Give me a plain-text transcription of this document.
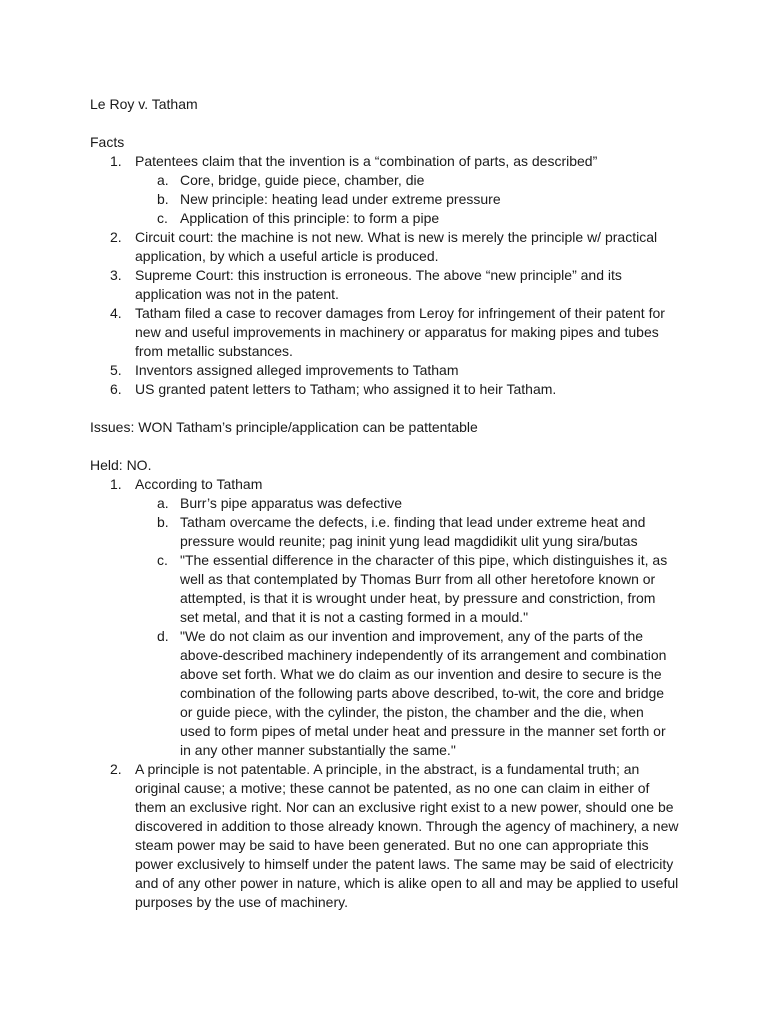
Le Roy v. Tatham

Facts

1. Patentees claim that the invention is a “combination of parts, as described”
a. Core, bridge, guide piece, chamber, die
b. New principle: heating lead under extreme pressure
c. Application of this principle: to form a pipe
2. Circuit court: the machine is not new. What is new is merely the principle w/ practical
application, by which a useful article is produced.
3. Supreme Court: this instruction is erroneous. The above “new principle” and its
application was not in the patent.
4. Tatham filed a case to recover damages from Leroy for infringement of their patent for
new and useful improvements in machinery or apparatus for making pipes and tubes
from metallic substances.
5. Inventors assigned alleged improvements to Tatham
6. US granted patent letters to Tatham; who assigned it to heir Tatham.

Issues: WON Tatham’s principle/application can be pattentable

Held: NO.

1. According to Tatham
a. Burr’s pipe apparatus was defective
b. Tatham overcame the defects, i.e. finding that lead under extreme heat and
pressure would reunite; pag ininit yung lead magdidikit ulit yung sira/butas
c. "The essential difference in the character of this pipe, which distinguishes it, as
well as that contemplated by Thomas Burr from all other heretofore known or
attempted, is that it is wrought under heat, by pressure and constriction, from
set metal, and that it is not a casting formed in a mould."
d. "We do not claim as our invention and improvement, any of the parts of the
above-described machinery independently of its arrangement and combination
above set forth. What we do claim as our invention and desire to secure is the
combination of the following parts above described, to-wit, the core and bridge
or guide piece, with the cylinder, the piston, the chamber and the die, when
used to form pipes of metal under heat and pressure in the manner set forth or
in any other manner substantially the same."
2. A principle is not patentable. A principle, in the abstract, is a fundamental truth; an
original cause; a motive; these cannot be patented, as no one can claim in either of
them an exclusive right. Nor can an exclusive right exist to a new power, should one be
discovered in addition to those already known. Through the agency of machinery, a new
steam power may be said to have been generated. But no one can appropriate this
power exclusively to himself under the patent laws. The same may be said of electricity
and of any other power in nature, which is alike open to all and may be applied to useful
purposes by the use of machinery.
